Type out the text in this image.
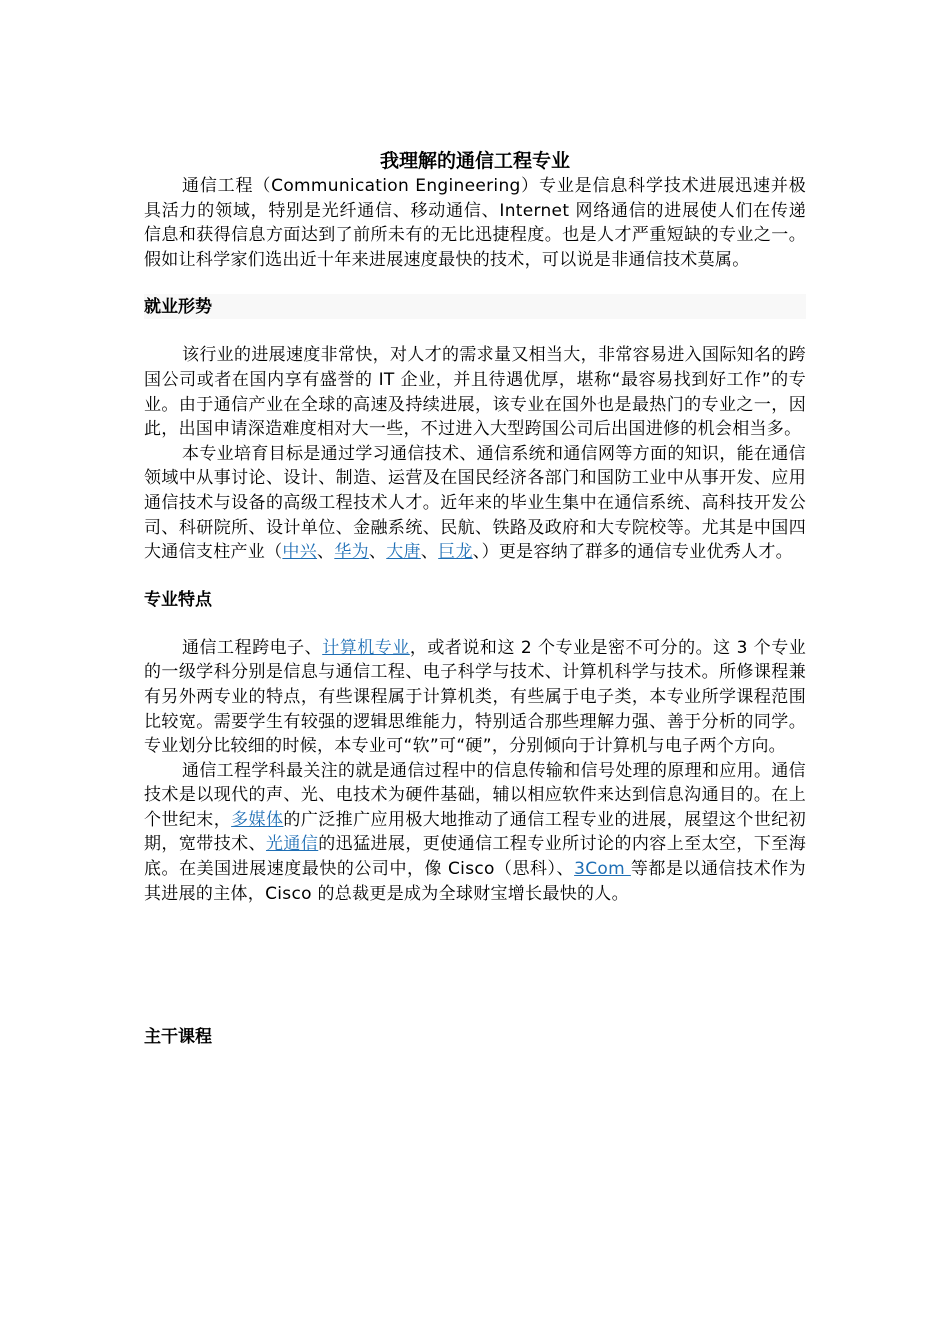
我理解的通信工程专业

通信工程（Communication Engineering）专业是信息科学技术进展迅速并极具活力的领域，特别是光纤通信、移动通信、Internet 网络通信的进展使人们在传递信息和获得信息方面达到了前所未有的无比迅捷程度。也是人才严重短缺的专业之一。假如让科学家们选出近十年来进展速度最快的技术，可以说是非通信技术莫属。

就业形势

该行业的进展速度非常快，对人才的需求量又相当大，非常容易进入国际知名的跨国公司或者在国内享有盛誉的 IT 企业，并且待遇优厚，堪称“最容易找到好工作”的专业。由于通信产业在全球的高速及持续进展，该专业在国外也是最热门的专业之一，因此，出国申请深造难度相对大一些，不过进入大型跨国公司后出国进修的机会相当多。

本专业培育目标是通过学习通信技术、通信系统和通信网等方面的知识，能在通信领域中从事讨论、设计、制造、运营及在国民经济各部门和国防工业中从事开发、应用通信技术与设备的高级工程技术人才。近年来的毕业生集中在通信系统、高科技开发公司、科研院所、设计单位、金融系统、民航、铁路及政府和大专院校等。尤其是中国四大通信支柱产业（中兴、华为、大唐、巨龙、）更是容纳了群多的通信专业优秀人才。

专业特点

通信工程跨电子、计算机专业，或者说和这 2 个专业是密不可分的。这 3 个专业的一级学科分别是信息与通信工程、电子科学与技术、计算机科学与技术。所修课程兼有另外两专业的特点，有些课程属于计算机类，有些属于电子类，本专业所学课程范围比较宽。需要学生有较强的逻辑思维能力，特别适合那些理解力强、善于分析的同学。专业划分比较细的时候，本专业可“软”可“硬”，分别倾向于计算机与电子两个方向。

通信工程学科最关注的就是通信过程中的信息传输和信号处理的原理和应用。通信技术是以现代的声、光、电技术为硬件基础，辅以相应软件来达到信息沟通目的。在上个世纪末，多媒体的广泛推广应用极大地推动了通信工程专业的进展，展望这个世纪初期，宽带技术、光通信的迅猛进展，更使通信工程专业所讨论的内容上至太空，下至海底。在美国进展速度最快的公司中，像 Cisco（思科）、3Com 等都是以通信技术作为其进展的主体，Cisco 的总裁更是成为全球财宝增长最快的人。

主干课程
